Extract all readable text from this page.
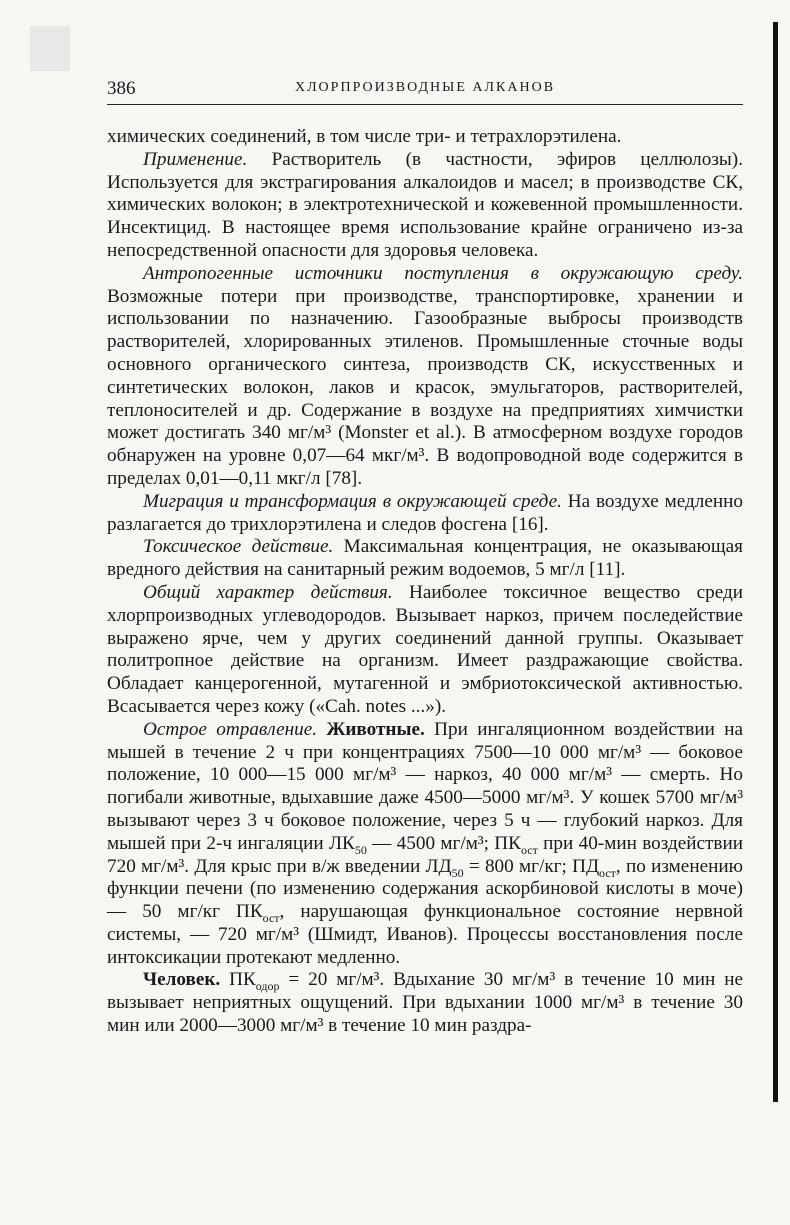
386	ХЛОРПРОИЗВОДНЫЕ АЛКАНОВ

химических соединений, в том числе три- и тетрахлорэтилена.

Применение. Растворитель (в частности, эфиров целлюлозы). Используется для экстрагирования алкалоидов и масел; в производстве СК, химических волокон; в электротехнической и кожевенной промышленности. Инсектицид. В настоящее время использование крайне ограничено из-за непосредственной опасности для здоровья человека.

Антропогенные источники поступления в окружающую среду. Возможные потери при производстве, транспортировке, хранении и использовании по назначению. Газообразные выбросы производств растворителей, хлорированных этиленов. Промышленные сточные воды основного органического синтеза, производств СК, искусственных и синтетических волокон, лаков и красок, эмульгаторов, растворителей, теплоносителей и др. Содержание в воздухе на предприятиях химчистки может достигать 340 мг/м³ (Monster et al.). В атмосферном воздухе городов обнаружен на уровне 0,07—64 мкг/м³. В водопроводной воде содержится в пределах 0,01—0,11 мкг/л [78].

Миграция и трансформация в окружающей среде. На воздухе медленно разлагается до трихлорэтилена и следов фосгена [16].

Токсическое действие. Максимальная концентрация, не оказывающая вредного действия на санитарный режим водоемов, 5 мг/л [11].

Общий характер действия. Наиболее токсичное вещество среди хлорпроизводных углеводородов. Вызывает наркоз, причем последействие выражено ярче, чем у других соединений данной группы. Оказывает политропное действие на организм. Имеет раздражающие свойства. Обладает канцерогенной, мутагенной и эмбриотоксической активностью. Всасывается через кожу («Cah. notes ...»).

Острое отравление. Животные. При ингаляционном воздействии на мышей в течение 2 ч при концентрациях 7500—10 000 мг/м³ — боковое положение, 10 000—15 000 мг/м³ — наркоз, 40 000 мг/м³ — смерть. Но погибали животные, вдыхавшие даже 4500—5000 мг/м³. У кошек 5700 мг/м³ вызывают через 3 ч боковое положение, через 5 ч — глубокий наркоз. Для мышей при 2-ч ингаляции $ЛК_{50}$ — 4500 мг/м³; $ПК_{ост}$ при 40-мин воздействии 720 мг/м³. Для крыс при в/ж введении $ЛД_{50} = 800$ мг/кг; $ПД_{ост}$, по изменению функции печени (по изменению содержания аскорбиновой кислоты в моче) — 50 мг/кг $ПК_{ост}$, нарушающая функциональное состояние нервной системы, — 720 мг/м³ (Шмидт, Иванов). Процессы восстановления после интоксикации протекают медленно.

Человек. $ПК_{одор} = 20$ мг/м³. Вдыхание 30 мг/м³ в течение 10 мин не вызывает неприятных ощущений. При вдыхании 1000 мг/м³ в течение 30 мин или 2000—3000 мг/м³ в течение 10 мин раздра-
